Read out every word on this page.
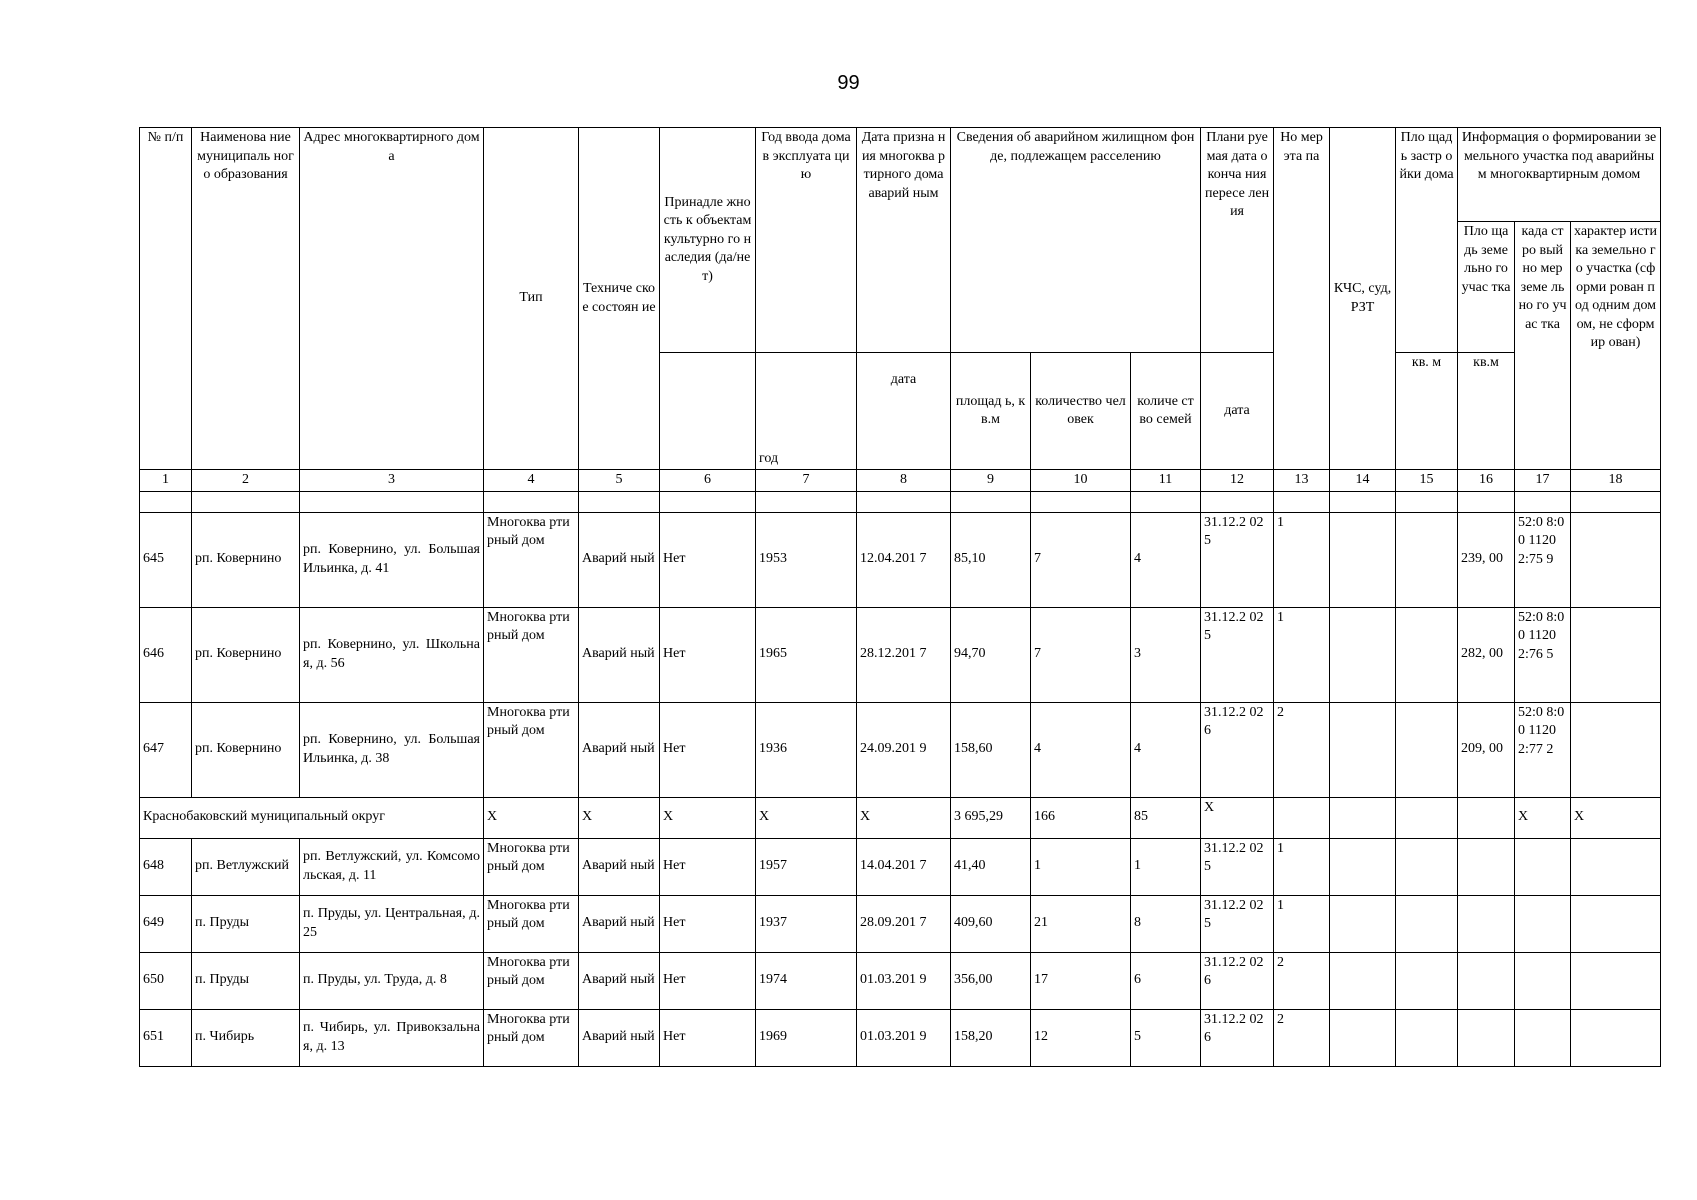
99
№ п/п	Наименова ние муниципаль ного образования	Адрес многоквартирного дома	Тип	Техниче ское состоян ие	Принадле жность к объектам культурно го наследия (да/нет)	Год ввода дома в эксплуата цию	Дата призна ния многоква ртирного дома аварий ным	Сведения об аварийном жилищном фонде, подлежащем расселению			Плани руемая дата оконча ния пересе ления	Но мер эта па	КЧС, суд, РЗТ	Пло щадь застр ойки дома	Информация о формировании земельного участка под аварийным многоквартирным домом		
															Пло щадь земе льно го учас тка	када стро вый но мер земе льно го учас тка	характер истика земельно го участка (сформи рован под одним домом, не сформир ован)
						год	дата	площад ь, кв.м	количество человек	количе ство семей	дата			кв. м	кв.м		
1	2	3	4	5	6	7	8	9	10	11	12	13	14	15	16	17	18

645	рп. Ковернино	рп. Ковернино, ул. Большая Ильинка, д. 41	Многоква ртирный дом	Аварий ный	Нет	1953	12.04.201 7	85,10	7	4	31.12.2 025	1			239, 00	52:0 8:00 1120 2:75 9	
646	рп. Ковернино	рп. Ковернино, ул. Школьная, д. 56	Многоква ртирный дом	Аварий ный	Нет	1965	28.12.201 7	94,70	7	3	31.12.2 025	1			282, 00	52:0 8:00 1120 2:76 5	
647	рп. Ковернино	рп. Ковернино, ул. Большая Ильинка, д. 38	Многоква ртирный дом	Аварий ный	Нет	1936	24.09.201 9	158,60	4	4	31.12.2 026	2			209, 00	52:0 8:00 1120 2:77 2	
Краснобаковский муниципальный округ			X	X	X	X	X	3 695,29	166	85	X					X	X
648	рп. Ветлужский	рп. Ветлужский, ул. Комсомольская, д. 11	Многоква ртирный дом	Аварий ный	Нет	1957	14.04.201 7	41,40	1	1	31.12.2 025	1					
649	п. Пруды	п. Пруды, ул. Центральная, д. 25	Многоква ртирный дом	Аварий ный	Нет	1937	28.09.201 7	409,60	21	8	31.12.2 025	1					
650	п. Пруды	п. Пруды, ул. Труда, д. 8	Многоква ртирный дом	Аварий ный	Нет	1974	01.03.201 9	356,00	17	6	31.12.2 026	2					
651	п. Чибирь	п. Чибирь, ул. Привокзальная, д. 13	Многоква ртирный дом	Аварий ный	Нет	1969	01.03.201 9	158,20	12	5	31.12.2 026	2					
